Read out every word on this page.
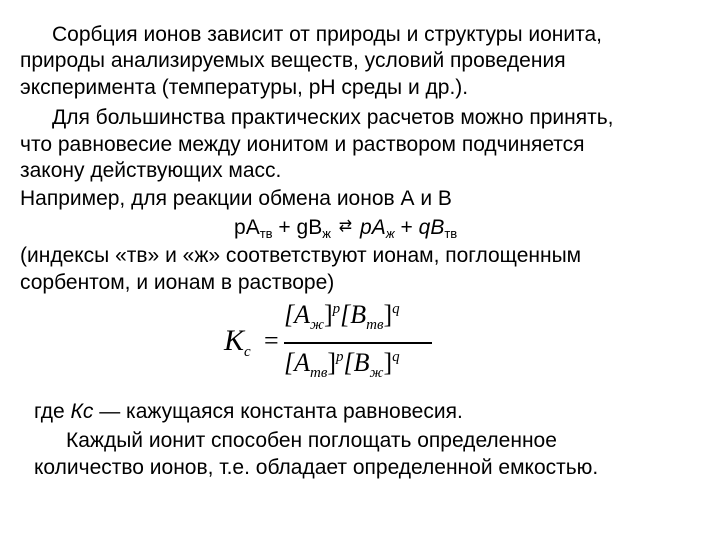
Сорбция ионов зависит от природы и структуры ионита,
природы анализируемых веществ, условий проведения
эксперимента (температуры, рН среды и др.).
Для большинства практических расчетов можно принять,
что равновесие между ионитом и раствором подчиняется
закону действующих масс.
Например, для реакции обмена ионов А и В
$pA_{тв} + gB_ж$ ⇄ $pA_ж + qB_{тв}$
(индексы «тв» и «ж» соответствуют ионам, поглощенным
сорбентом, и ионам в растворе)
$K_c$ =
$[A_ж]^p[B_{тв}]^q$
$[A_{тв}]^p[B_ж]^q$
где Кс — кажущаяся константа равновесия.
Каждый ионит способен поглощать определенное
количество ионов, т.е. обладает определенной емкостью.
